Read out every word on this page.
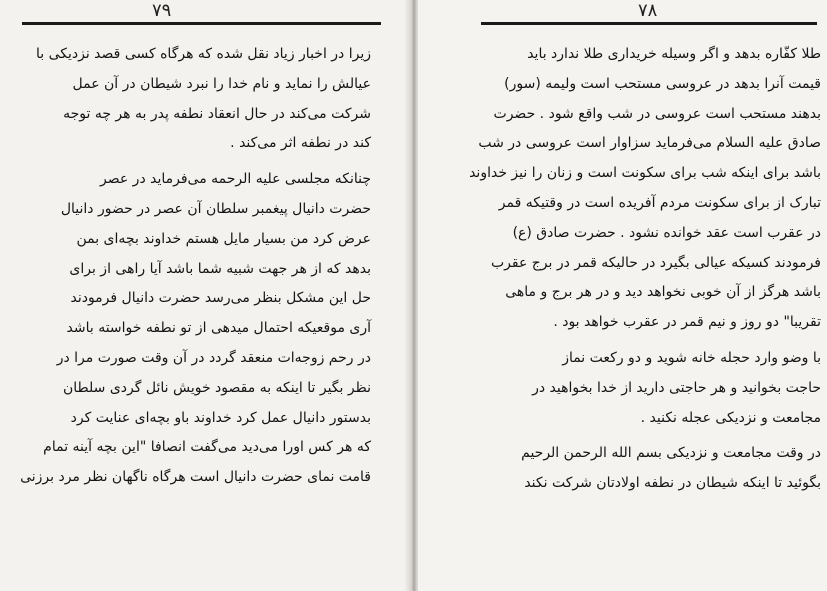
۷۹
زیرا در اخبار زیاد نقل شده که هرگاه کسی قصد نزدیکی با
عیالش را نماید و نام خدا را نبرد شیطان در آن عمل
شرکت می‌کند در حال انعقاد نطفه پدر به هر چه توجه
کند در نطفه اثر می‌کند .
چنانکه مجلسی علیه الرحمه می‌فرماید در عصر
حضرت دانیال پیغمبر سلطان آن عصر در حضور دانیال
عرض کرد من بسیار مایل هستم خداوند بچه‌ای بمن
بدهد که از هر جهت شبیه شما باشد آیا راهی از برای
حل این مشکل بنظر می‌رسد حضرت دانیال فرمودند
آری موقعیکه احتمال میدهی از تو نطفه خواسته باشد
در رحم زوجه‌ات منعقد گردد در آن وقت صورت مرا در
نظر بگیر تا اینکه به مقصود خویش نائل گردی سلطان
بدستور دانیال عمل کرد خداوند باو بچه‌ای عنایت کرد
که هر کس اورا می‌دید می‌گفت انصافا "این بچه آینه تمام
قامت نمای حضرت دانیال است هرگاه ناگهان نظر مرد برزنی
۷۸
طلا کفّاره بدهد و اگر وسیله خریداری طلا ندارد باید
قیمت آنرا بدهد در عروسی مستحب است ولیمه (سور)
بدهند مستحب است عروسی در شب واقع شود . حضرت
صادق علیه السلام می‌فرماید سزاوار است عروسی در شب
باشد برای اینکه شب برای سکونت است و زنان را نیز خداوند
تبارک از برای سکونت مردم آفریده است در وقتیکه قمر
در عقرب است عقد خوانده نشود . حضرت صادق (ع)
فرمودند کسیکه عیالی بگیرد در حالیکه قمر در برج عقرب
باشد هرگز از آن خوبی نخواهد دید و در هر برج و ماهی
تقریبا" دو روز و نیم قمر در عقرب خواهد بود .
با وضو وارد حجله خانه شوید و دو رکعت نماز
حاجت بخوانید و هر حاجتی دارید از خدا بخواهید در
مجامعت و نزدیکی عجله نکنید .
در وقت مجامعت و نزدیکی بسم الله الرحمن الرحیم
بگوئید تا اینکه شیطان در نطفه اولادتان شرکت نکند
